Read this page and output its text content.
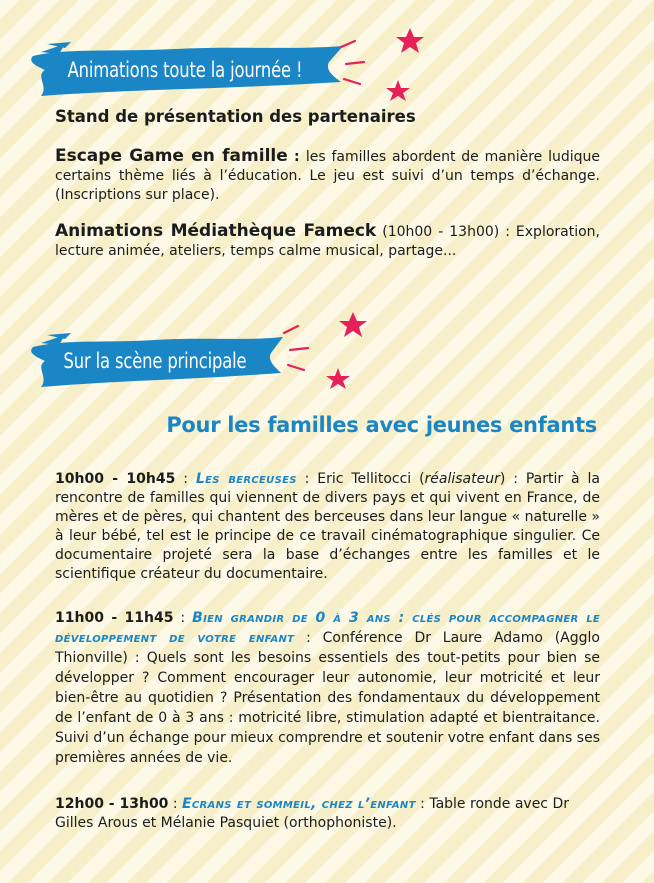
Animations toute la journée !
Stand de présentation des partenaires
Escape Game en famille : les familles abordent de manière ludique certains thème liés à l’éducation. Le jeu est suivi d’un temps d’échange. (Inscriptions sur place).
Animations Médiathèque Fameck (10h00 - 13h00) : Exploration, lecture animée, ateliers, temps calme musical, partage...
Sur la scène principale
Pour les familles avec jeunes enfants
10h00 - 10h45 : Les berceuses : Eric Tellitocci (réalisateur) : Partir à la rencontre de familles qui viennent de divers pays et qui vivent en France, de mères et de pères, qui chantent des berceuses dans leur langue « naturelle » à leur bébé, tel est le principe de ce travail cinématographique singulier. Ce documentaire projeté sera la base d’échanges entre les familles et le scientifique créateur du documentaire.
11h00 - 11h45 : Bien grandir de 0 à 3 ans : clés pour accompagner le développement de votre enfant : Conférence Dr Laure Adamo (Agglo Thionville) : Quels sont les besoins essentiels des tout-petits pour bien se développer ? Comment encourager leur autonomie, leur motricité et leur bien-être au quotidien ? Présentation des fondamentaux du développement de l’enfant de 0 à 3 ans : motricité libre, stimulation adapté et bientraitance. Suivi d’un échange pour mieux comprendre et soutenir votre enfant dans ses premières années de vie.
12h00 - 13h00 : Ecrans et sommeil, chez l’enfant : Table ronde avec Dr Gilles Arous et Mélanie Pasquiet (orthophoniste).
